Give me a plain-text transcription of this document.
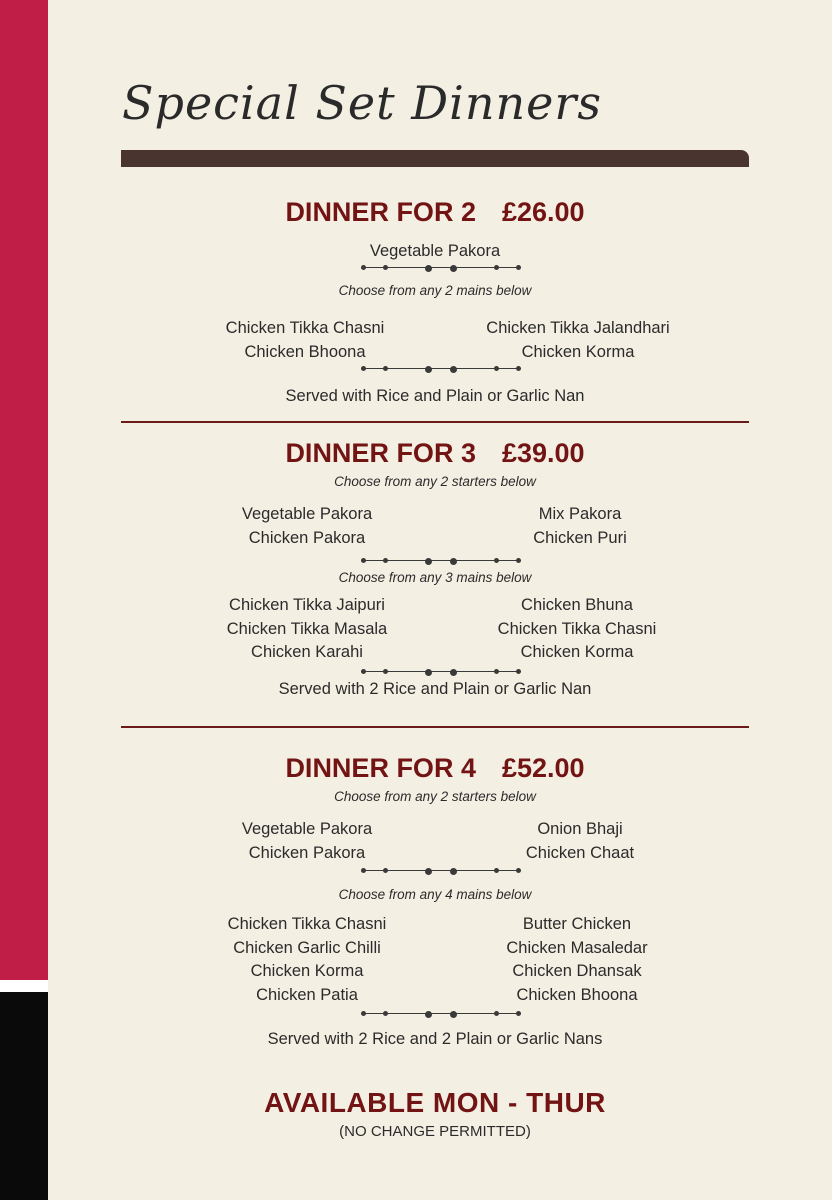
Special Set Dinners
DINNER FOR 2 £26.00
Vegetable Pakora
Choose from any 2 mains below
Chicken Tikka Chasni
Chicken Bhoona
Chicken Tikka Jalandhari
Chicken Korma
Served with Rice and Plain or Garlic Nan
DINNER FOR 3 £39.00
Choose from any 2 starters below
Vegetable Pakora
Chicken Pakora
Mix Pakora
Chicken Puri
Choose from any 3 mains below
Chicken Tikka Jaipuri
Chicken Tikka Masala
Chicken Karahi
Chicken Bhuna
Chicken Tikka Chasni
Chicken Korma
Served with 2 Rice and Plain or Garlic Nan
DINNER FOR 4 £52.00
Choose from any 2 starters below
Vegetable Pakora
Chicken Pakora
Onion Bhaji
Chicken Chaat
Choose from any 4 mains below
Chicken Tikka Chasni
Chicken Garlic Chilli
Chicken Korma
Chicken Patia
Butter Chicken
Chicken Masaledar
Chicken Dhansak
Chicken Bhoona
Served with 2 Rice and 2 Plain or Garlic Nans
AVAILABLE MON - THUR
(NO CHANGE PERMITTED)
